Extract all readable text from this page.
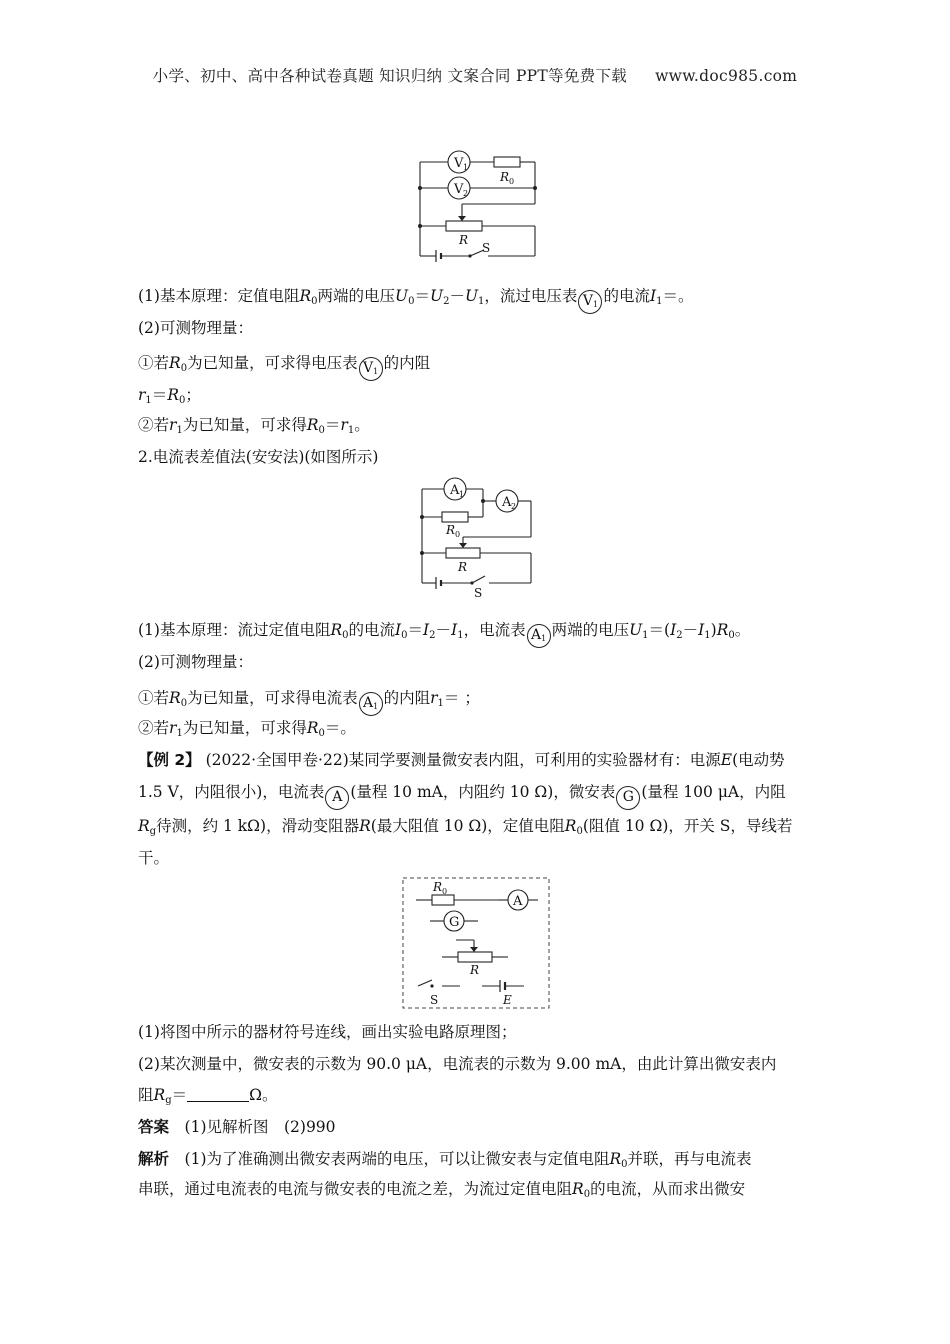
小学、初中、高中各种试卷真题 知识归纳 文案合同 PPT等免费下载 www.doc985.com
V 1
V 2
R 0
R
S
(1)基本原理：定值电阻$R_0$两端的电压$U_0=U_2-U_1$，流过电压表 $V_1$ 的电流$I_1=$。
(2)可测物理量：
①若$R_0$为已知量，可求得电压表 $V_1$ 的内阻
$r_1=R_0$；
②若$r_1$为已知量，可求得$R_0=r_1$。
2.电流表差值法(安安法)(如图所示)
A 1
A 2
R 0
R
S
(1)基本原理：流过定值电阻$R_0$的电流$I_0=I_2-I_1$，电流表 $A_1$ 两端的电压$U_1=(I_2-I_1)R_0$。
(2)可测物理量：
①若$R_0$为已知量，可求得电流表 $A_1$ 的内阻$r_1=$ ；
②若$r_1$为已知量，可求得$R_0=$。
【例 2】 (2022·全国甲卷·22)某同学要测量微安表内阻，可利用的实验器材有：电源E(电动势
1.5 V，内阻很小)，电流表 A (量程 10 mA，内阻约 10 Ω)，微安表 G (量程 100 μA，内阻
$R_g$待测，约 1 kΩ)，滑动变阻器R(最大阻值 10 Ω)，定值电阻$R_0$(阻值 10 Ω)，开关 S，导线若
干。
A
G
R 0
R
S	E
(1)将图中所示的器材符号连线，画出实验电路原理图；
(2)某次测量中，微安表的示数为 90.0 μA，电流表的示数为 9.00 mA，由此计算出微安表内
阻$R_g=$	Ω。
答案　 (1)见解析图　(2)990
解析　 (1)为了准确测出微安表两端的电压，可以让微安表与定值电阻$R_0$并联，再与电流表
串联，通过电流表的电流与微安表的电流之差，为流过定值电阻$R_0$的电流，从而求出微安
